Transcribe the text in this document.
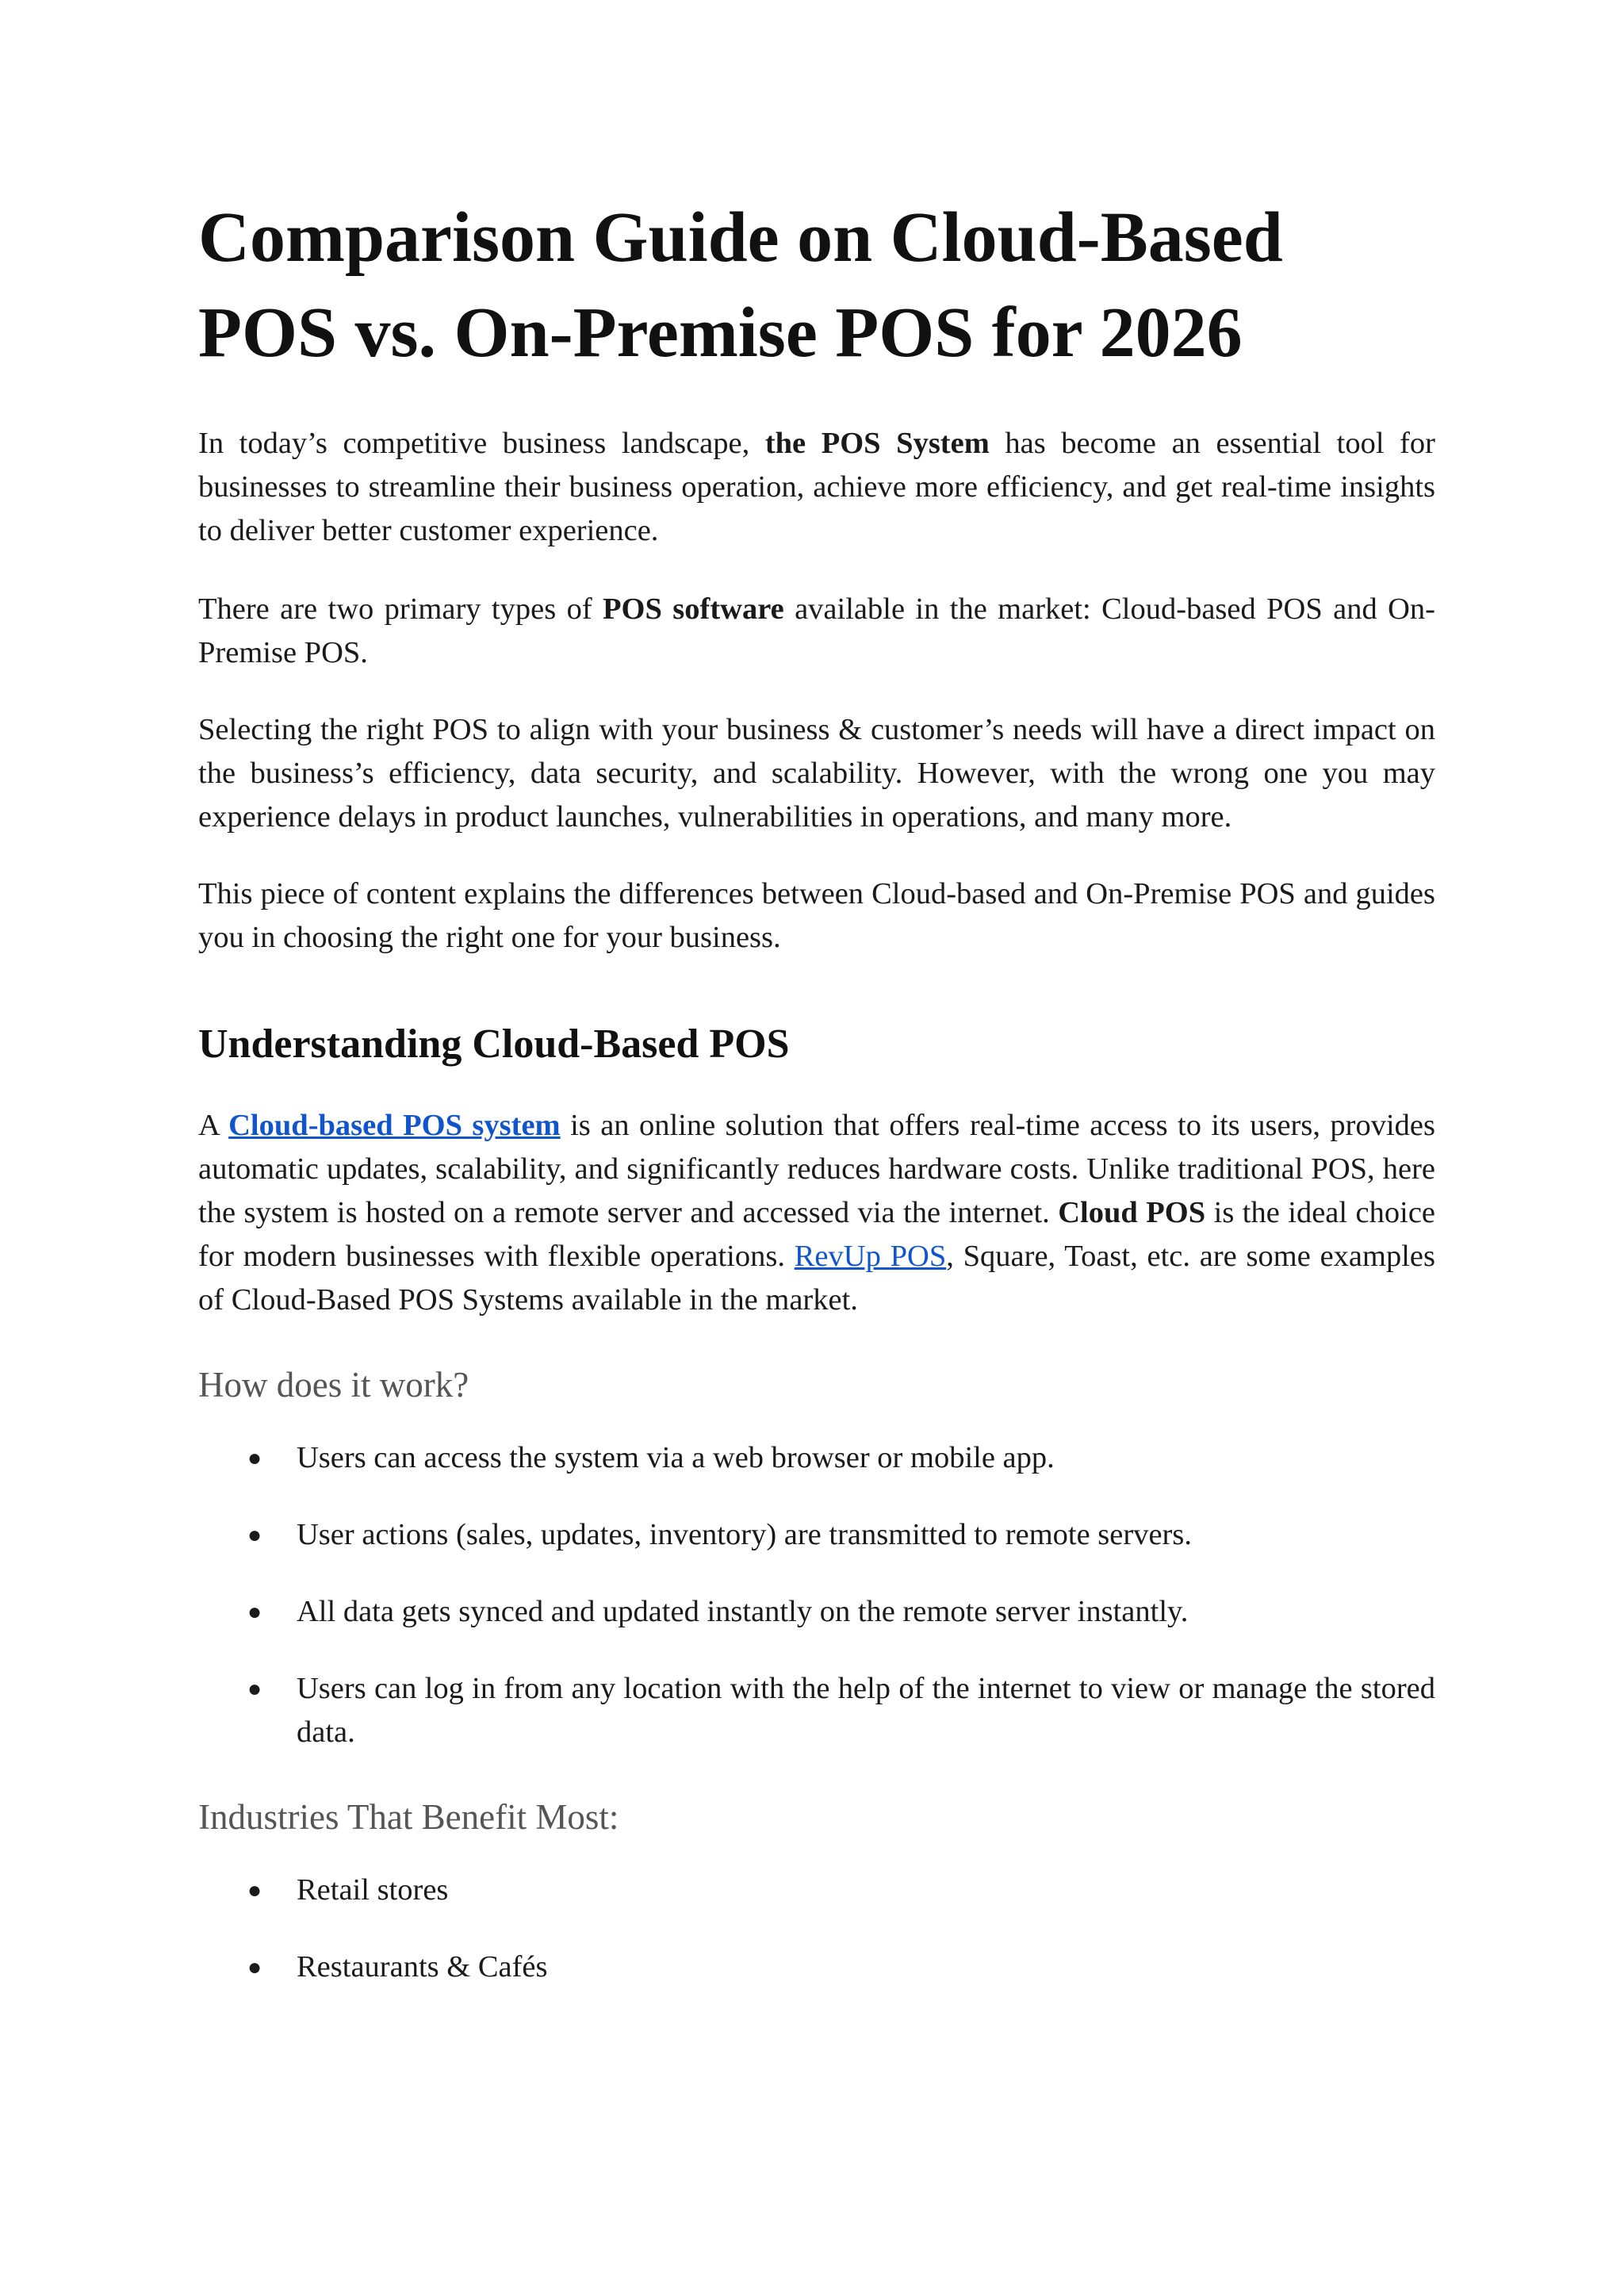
Comparison Guide on Cloud-Based POS vs. On-Premise POS for 2026

In today’s competitive business landscape, the POS System has become an essential tool for businesses to streamline their business operation, achieve more efficiency, and get real-time insights to deliver better customer experience.

There are two primary types of POS software available in the market: Cloud-based POS and On-Premise POS.

Selecting the right POS to align with your business & customer’s needs will have a direct impact on the business’s efficiency, data security, and scalability. However, with the wrong one you may experience delays in product launches, vulnerabilities in operations, and many more.

This piece of content explains the differences between Cloud-based and On-Premise POS and guides you in choosing the right one for your business.

Understanding Cloud-Based POS

A Cloud-based POS system is an online solution that offers real-time access to its users, provides automatic updates, scalability, and significantly reduces hardware costs. Unlike traditional POS, here the system is hosted on a remote server and accessed via the internet. Cloud POS is the ideal choice for modern businesses with flexible operations. RevUp POS, Square, Toast, etc. are some examples of Cloud-Based POS Systems available in the market.

How does it work?
● Users can access the system via a web browser or mobile app.
● User actions (sales, updates, inventory) are transmitted to remote servers.
● All data gets synced and updated instantly on the remote server instantly.
● Users can log in from any location with the help of the internet to view or manage the stored data.
Industries That Benefit Most:
● Retail stores
● Restaurants & Cafés
